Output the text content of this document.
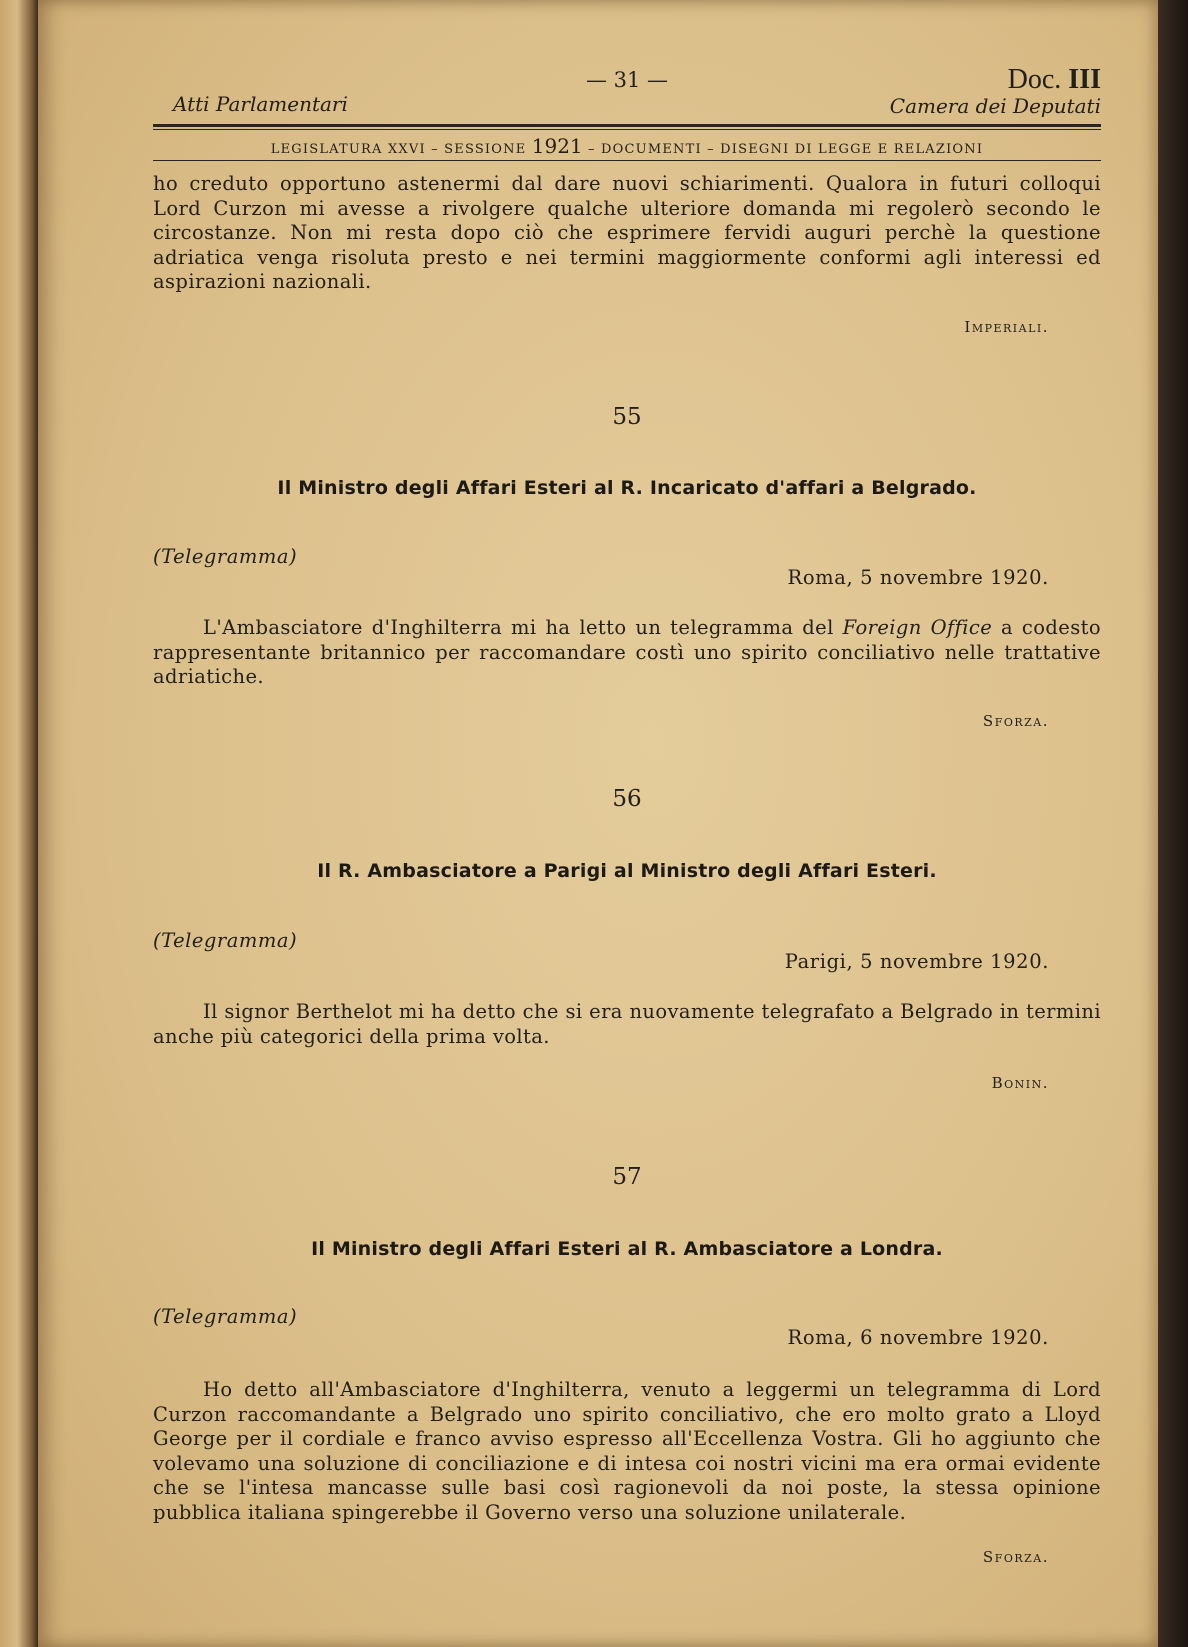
— 31 —
Atti Parlamentari
Doc. III
Camera dei Deputati
LEGISLATURA XXVI – SESSIONE 1921 – DOCUMENTI – DISEGNI DI LEGGE E RELAZIONI
ho creduto opportuno astenermi dal dare nuovi schiarimenti. Qualora in futuri colloqui Lord Curzon mi avesse a rivolgere qualche ulteriore domanda mi regolerò secondo le circostanze. Non mi resta dopo ciò che esprimere fervidi auguri perchè la questione adriatica venga risoluta presto e nei termini maggiormente conformi agli interessi ed aspirazioni nazionali.
Imperiali.
55
Il Ministro degli Affari Esteri al R. Incaricato d'affari a Belgrado.
(Telegramma)
Roma, 5 novembre 1920.
L'Ambasciatore d'Inghilterra mi ha letto un telegramma del Foreign Office a codesto rappresentante britannico per raccomandare costì uno spirito conciliativo nelle trattative adriatiche.
Sforza.
56
Il R. Ambasciatore a Parigi al Ministro degli Affari Esteri.
(Telegramma)
Parigi, 5 novembre 1920.
Il signor Berthelot mi ha detto che si era nuovamente telegrafato a Belgrado in termini anche più categorici della prima volta.
Bonin.
57
Il Ministro degli Affari Esteri al R. Ambasciatore a Londra.
(Telegramma)
Roma, 6 novembre 1920.
Ho detto all'Ambasciatore d'Inghilterra, venuto a leggermi un telegramma di Lord Curzon raccomandante a Belgrado uno spirito conciliativo, che ero molto grato a Lloyd George per il cordiale e franco avviso espresso all'Eccellenza Vostra. Gli ho aggiunto che volevamo una soluzione di conciliazione e di intesa coi nostri vicini ma era ormai evidente che se l'intesa mancasse sulle basi così ragionevoli da noi poste, la stessa opinione pubblica italiana spingerebbe il Governo verso una soluzione unilaterale.
Sforza.
